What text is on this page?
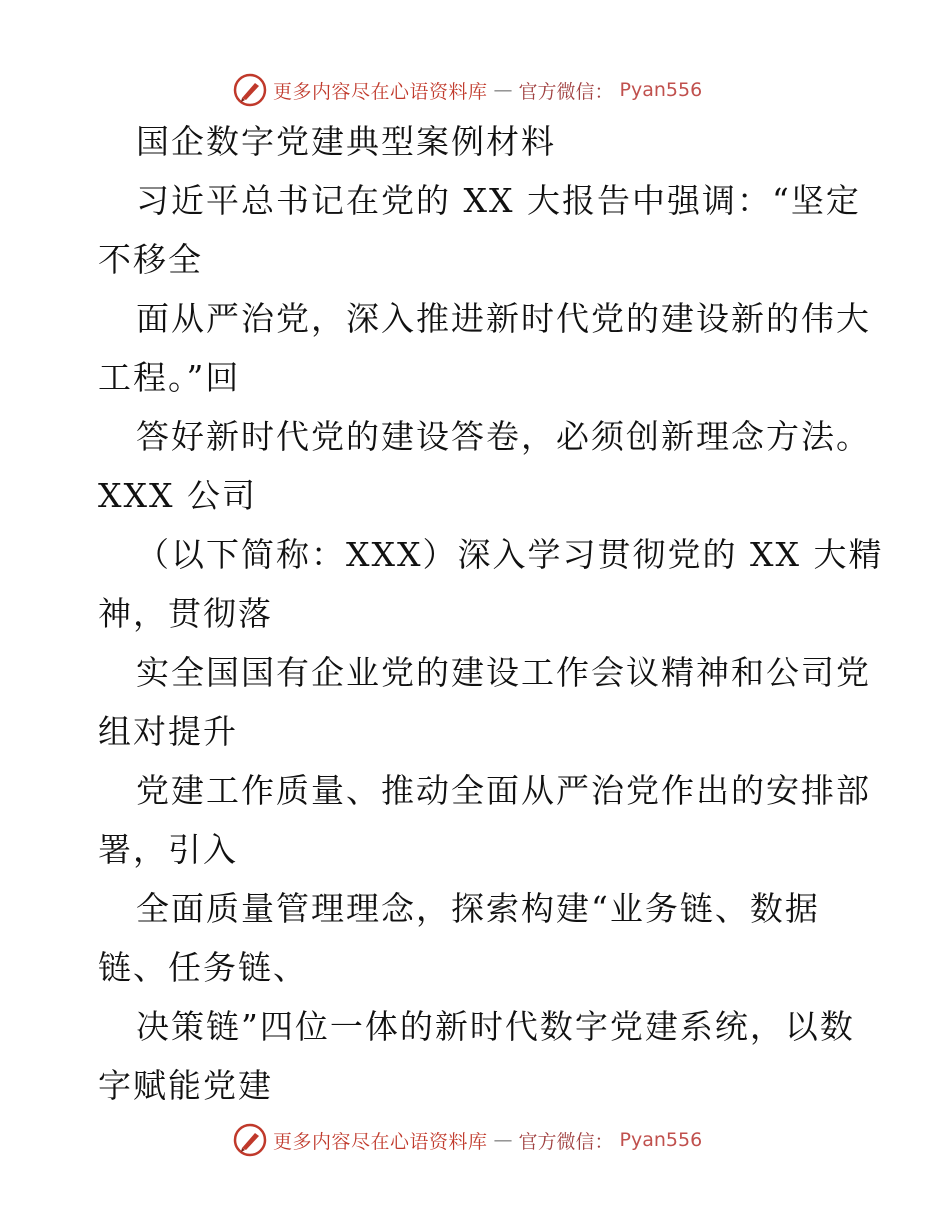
更多内容尽在心语资料库 — 官方微信： Pyan556
国企数字党建典型案例材料
习近平总书记在党的 XX 大报告中强调：“坚定
不移全
面从严治党，深入推进新时代党的建设新的伟大
工程。”回
答好新时代党的建设答卷，必须创新理念方法。
XXX 公司
（以下简称：XXX）深入学习贯彻党的 XX 大精
神，贯彻落
实全国国有企业党的建设工作会议精神和公司党
组对提升
党建工作质量、推动全面从严治党作出的安排部
署，引入
全面质量管理理念，探索构建“业务链、数据
链、任务链、
决策链”四位一体的新时代数字党建系统，以数
字赋能党建
更多内容尽在心语资料库 — 官方微信： Pyan556
